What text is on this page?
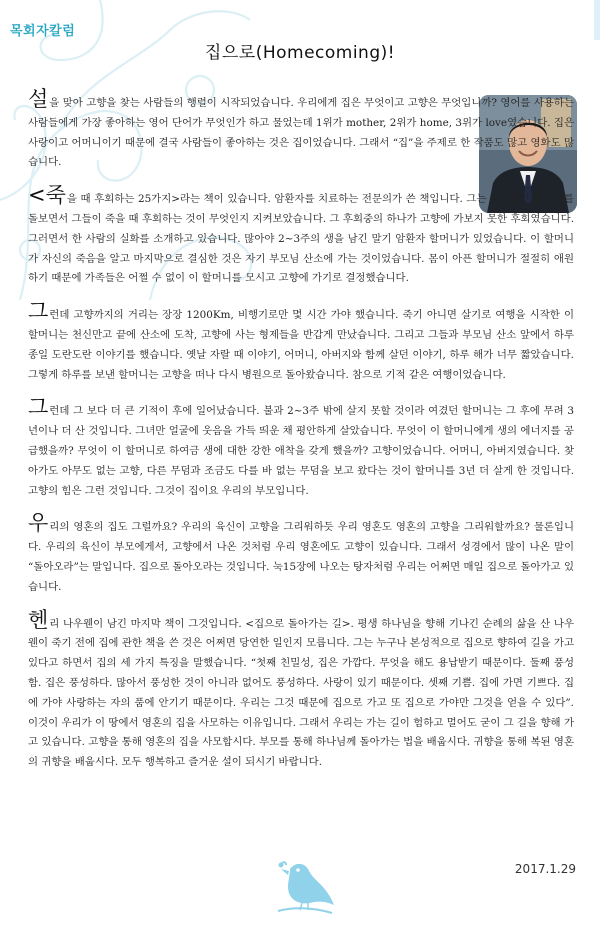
목회자칼럼
집으로(Homecoming)!

설을 맞아 고향을 찾는 사람들의 행렬이 시작되었습니다. 우리에게 집은 무엇이고 고향은 무엇입니까? 영어를 사용하는 사람들에게 가장 좋아하는 영어 단어가 무엇인가 하고 물었는데 1위가 mother, 2위가 home, 3위가 love였습니다. 집은 사랑이고 어머니이기 때문에 결국 사람들이 좋아하는 것은 집이었습니다. 그래서 “집”을 주제로 한 작품도 많고 영화도 많습니다.

<죽을 때 후회하는 25가지>라는 책이 있습니다. 암환자를 치료하는 전문의가 쓴 책입니다. 그는 오랫동안 암환자를 돌보면서 그들이 죽을 때 후회하는 것이 무엇인지 지켜보았습니다. 그 후회중의 하나가 고향에 가보지 못한 후회였습니다. 그러면서 한 사람의 실화를 소개하고 있습니다. 많아야 2~3주의 생을 남긴 말기 암환자 할머니가 있었습니다. 이 할머니가 자신의 죽음을 알고 마지막으로 결심한 것은 자기 부모님 산소에 가는 것이었습니다. 몸이 아픈 할머니가 절절히 애원하기 때문에 가족들은 어쩔 수 없이 이 할머니를 모시고 고향에 가기로 결정했습니다.

그런데 고향까지의 거리는 장장 1200Km, 비행기로만 몇 시간 가야 했습니다. 죽기 아니면 살기로 여행을 시작한 이 할머니는 천신만고 끝에 산소에 도착, 고향에 사는 형제들을 반갑게 만났습니다. 그리고 그들과 부모님 산소 앞에서 하루 종일 도란도란 이야기를 했습니다. 옛날 자랄 때 이야기, 어머니, 아버지와 함께 살던 이야기, 하루 해가 너무 짧았습니다. 그렇게 하루를 보낸 할머니는 고향을 떠나 다시 병원으로 돌아왔습니다. 참으로 기적 같은 여행이었습니다.

그런데 그 보다 더 큰 기적이 후에 일어났습니다. 불과 2~3주 밖에 살지 못할 것이라 여겼던 할머니는 그 후에 무려 3년이나 더 산 것입니다. 그녀만 얼굴에 웃음을 가득 띄운 채 평안하게 살았습니다. 무엇이 이 할머니에게 생의 에너지를 공급했을까? 무엇이 이 할머니로 하여금 생에 대한 강한 애착을 갖게 했을까? 고향이었습니다. 어머니, 아버지였습니다. 찾아가도 아무도 없는 고향, 다른 무덤과 조금도 다를 바 없는 무덤을 보고 왔다는 것이 할머니를 3년 더 살게 한 것입니다. 고향의 힘은 그런 것입니다. 그것이 집이요 우리의 부모입니다.

우리의 영혼의 집도 그럴까요? 우리의 육신이 고향을 그리워하듯 우리 영혼도 영혼의 고향을 그리워할까요? 물론입니다. 우리의 육신이 부모에게서, 고향에서 나온 것처럼 우리 영혼에도 고향이 있습니다. 그래서 성경에서 많이 나온 말이 “돌아오라”는 말입니다. 집으로 돌아오라는 것입니다. 눅15장에 나오는 탕자처럼 우리는 어쩌면 매일 집으로 돌아가고 있습니다.

헨리 나우웬이 남긴 마지막 책이 그것입니다. <집으로 돌아가는 길>. 평생 하나님을 향해 기나긴 순례의 삶을 산 나우웬이 죽기 전에 집에 관한 책을 쓴 것은 어쩌면 당연한 일인지 모릅니다. 그는 누구나 본성적으로 집으로 향하여 길을 가고 있다고 하면서 집의 세 가지 특징을 말했습니다. “첫째 친밀성, 집은 가깝다. 무엇을 해도 용납받기 때문이다. 둘째 풍성함. 집은 풍성하다. 많아서 풍성한 것이 아니라 없어도 풍성하다. 사랑이 있기 때문이다. 셋째 기쁨. 집에 가면 기쁘다. 집에 가야 사랑하는 자의 품에 안기기 때문이다. 우리는 그것 때문에 집으로 가고 또 집으로 가야만 그것을 얻을 수 있다”. 이것이 우리가 이 땅에서 영혼의 집을 사모하는 이유입니다. 그래서 우리는 가는 길이 험하고 멀어도 굳이 그 길을 향해 가고 있습니다. 고향을 통해 영혼의 집을 사모합시다. 부모를 통해 하나님께 돌아가는 법을 배웁시다. 귀향을 통해 복된 영혼의 귀향을 배웁시다. 모두 행복하고 즐거운 설이 되시기 바랍니다.

2017.1.29
